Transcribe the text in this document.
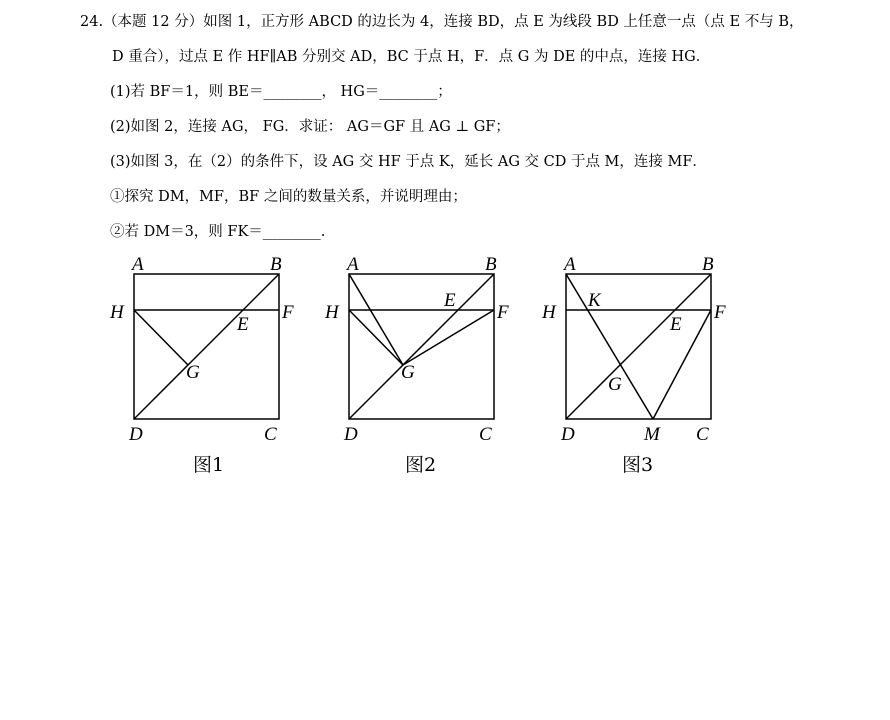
24.（本题 12 分）如图 1，正方形 ABCD 的边长为 4，连接 BD，点 E 为线段 BD 上任意一点（点 E 不与 B，
D 重合），过点 E 作 HF∥AB 分别交 AD，BC 于点 H，F．点 G 为 DE 的中点，连接 HG．
(1)若 BF＝1，则 BE＝________， HG＝________；
(2)如图 2，连接 AG， FG．求证： AG＝GF 且 AG ⊥ GF；
(3)如图 3，在（2）的条件下，设 AG 交 HF 于点 K，延长 AG 交 CD 于点 M，连接 MF．
①探究 DM，MF，BF 之间的数量关系，并说明理由；
②若 DM＝3，则 FK＝________.
A	B
H	F
E
G
D	C
图1
A	B
H	F
E
G
D	C
图2
A	B
H	F
K
E
G
D	M C
图3
